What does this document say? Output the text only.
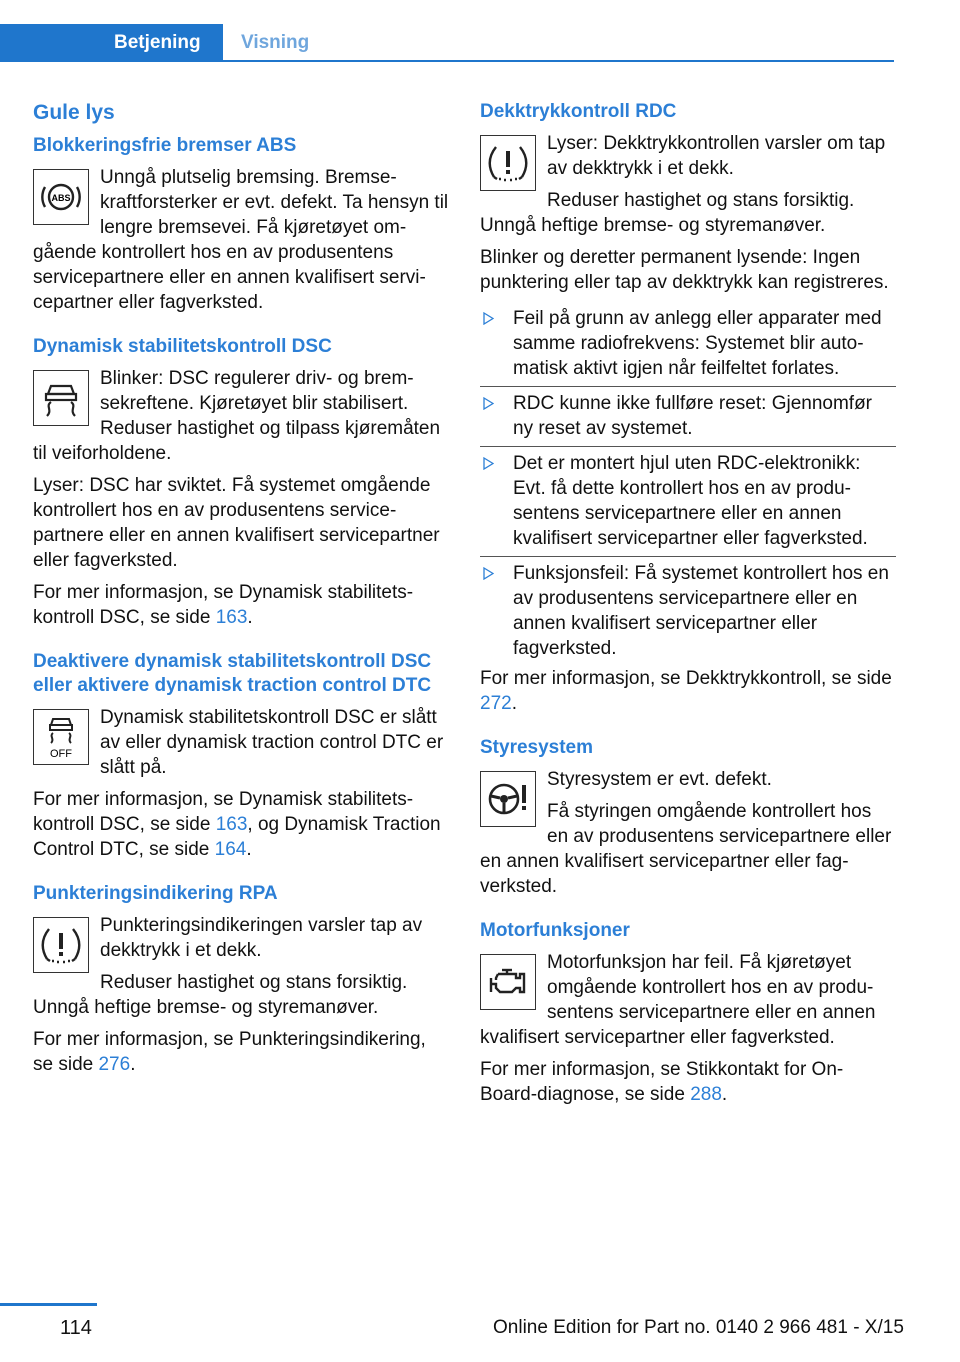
Betjening	Visning
Gule lys
Blokkeringsfrie bremser ABS
ABS

Unngå plutselig bremsing. Bremsekraftforsterker er evt. defekt. Ta hensyn til lengre bremsevei. Få kjøretøyet omgående kontrollert hos en av produsentens servicepartnere eller en annen kvalifisert servicepartner eller fagverksted.

Dynamisk stabilitetskontroll DSC

Blinker: DSC regulerer driv- og bremsekreftene. Kjøretøyet blir stabilisert. Reduser hastighet og tilpass kjøremåten til veiforholdene.

Lyser: DSC har sviktet. Få systemet omgående kontrollert hos en av produsentens servicepartnere eller en annen kvalifisert servicepartner eller fagverksted.

For mer informasjon, se Dynamisk stabilitetskontroll DSC, se side 163.

Deaktivere dynamisk stabilitetskontroll DSC eller aktivere dynamisk traction control DTC
OFF

Dynamisk stabilitetskontroll DSC er slått av eller dynamisk traction control DTC er slått på.

For mer informasjon, se Dynamisk stabilitetskontroll DSC, se side 163, og Dynamisk Traction Control DTC, se side 164.

Punkteringsindikering RPA

Punkteringsindikeringen varsler tap av dekktrykk i et dekk.

Reduser hastighet og stans forsiktig. Unngå heftige bremse- og styremanøver.

For mer informasjon, se Punkteringsindikering, se side 276.

Dekktrykkontroll RDC

Lyser: Dekktrykkontrollen varsler om tap av dekktrykk i et dekk.

Reduser hastighet og stans forsiktig. Unngå heftige bremse- og styremanøver.

Blinker og deretter permanent lysende: Ingen punktering eller tap av dekktrykk kan registreres.

Feil på grunn av anlegg eller apparater med samme radiofrekvens: Systemet blir automatisk aktivt igjen når feilfeltet forlates.
RDC kunne ikke fullføre reset: Gjennomfør ny reset av systemet.
Det er montert hjul uten RDC-elektronikk: Evt. få dette kontrollert hos en av produsentens servicepartnere eller en annen kvalifisert servicepartner eller fagverksted.
Funksjonsfeil: Få systemet kontrollert hos en av produsentens servicepartnere eller en annen kvalifisert servicepartner eller fagverksted.

For mer informasjon, se Dekktrykkontroll, se side 272.

Styresystem

Styresystem er evt. defekt.

Få styringen omgående kontrollert hos en av produsentens servicepartnere eller en annen kvalifisert servicepartner eller fagverksted.

Motorfunksjoner

Motorfunksjon har feil. Få kjøretøyet omgående kontrollert hos en av produsentens servicepartnere eller en annen kvalifisert servicepartner eller fagverksted.

For mer informasjon, se Stikkontakt for On-Board-diagnose, se side 288.

114	Online Edition for Part no. 0140 2 966 481 - X/15
